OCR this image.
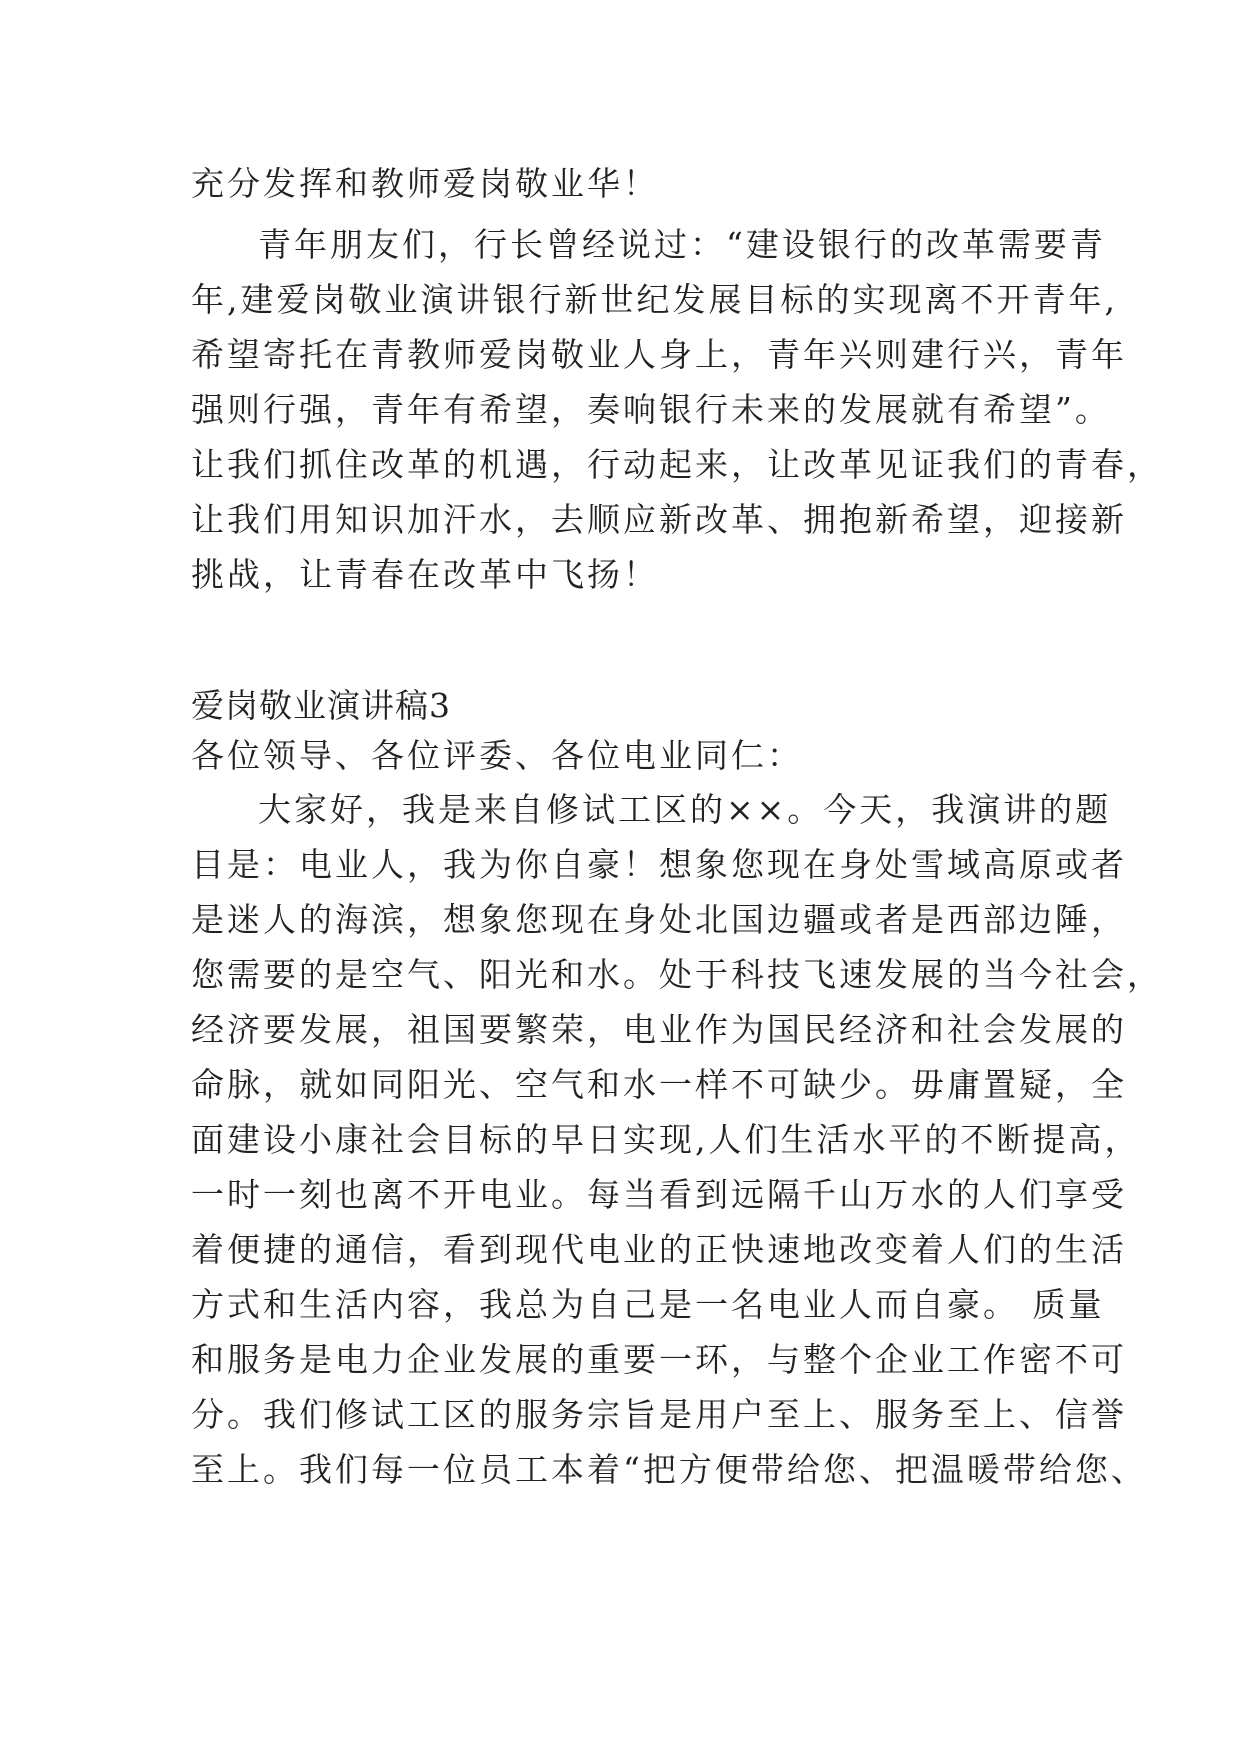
充分发挥和教师爱岗敬业华！
青年朋友们，行长曾经说过：“建设银行的改革需要青
年,建爱岗敬业演讲银行新世纪发展目标的实现离不开青年,
希望寄托在青教师爱岗敬业人身上，青年兴则建行兴，青年
强则行强，青年有希望，奏响银行未来的发展就有希望”。
让我们抓住改革的机遇，行动起来，让改革见证我们的青春，
让我们用知识加汗水，去顺应新改革、拥抱新希望，迎接新
挑战，让青春在改革中飞扬！
爱岗敬业演讲稿3
各位领导、各位评委、各位电业同仁：
大家好，我是来自修试工区的××。今天，我演讲的题
目是：电业人，我为你自豪！想象您现在身处雪域高原或者
是迷人的海滨，想象您现在身处北国边疆或者是西部边陲，
您需要的是空气、阳光和水。处于科技飞速发展的当今社会，
经济要发展，祖国要繁荣，电业作为国民经济和社会发展的
命脉，就如同阳光、空气和水一样不可缺少。毋庸置疑，全
面建设小康社会目标的早日实现,人们生活水平的不断提高，
一时一刻也离不开电业。每当看到远隔千山万水的人们享受
着便捷的通信，看到现代电业的正快速地改变着人们的生活
方式和生活内容，我总为自己是一名电业人而自豪。 质量
和服务是电力企业发展的重要一环，与整个企业工作密不可
分。我们修试工区的服务宗旨是用户至上、服务至上、信誉
至上。我们每一位员工本着“把方便带给您、把温暖带给您、
